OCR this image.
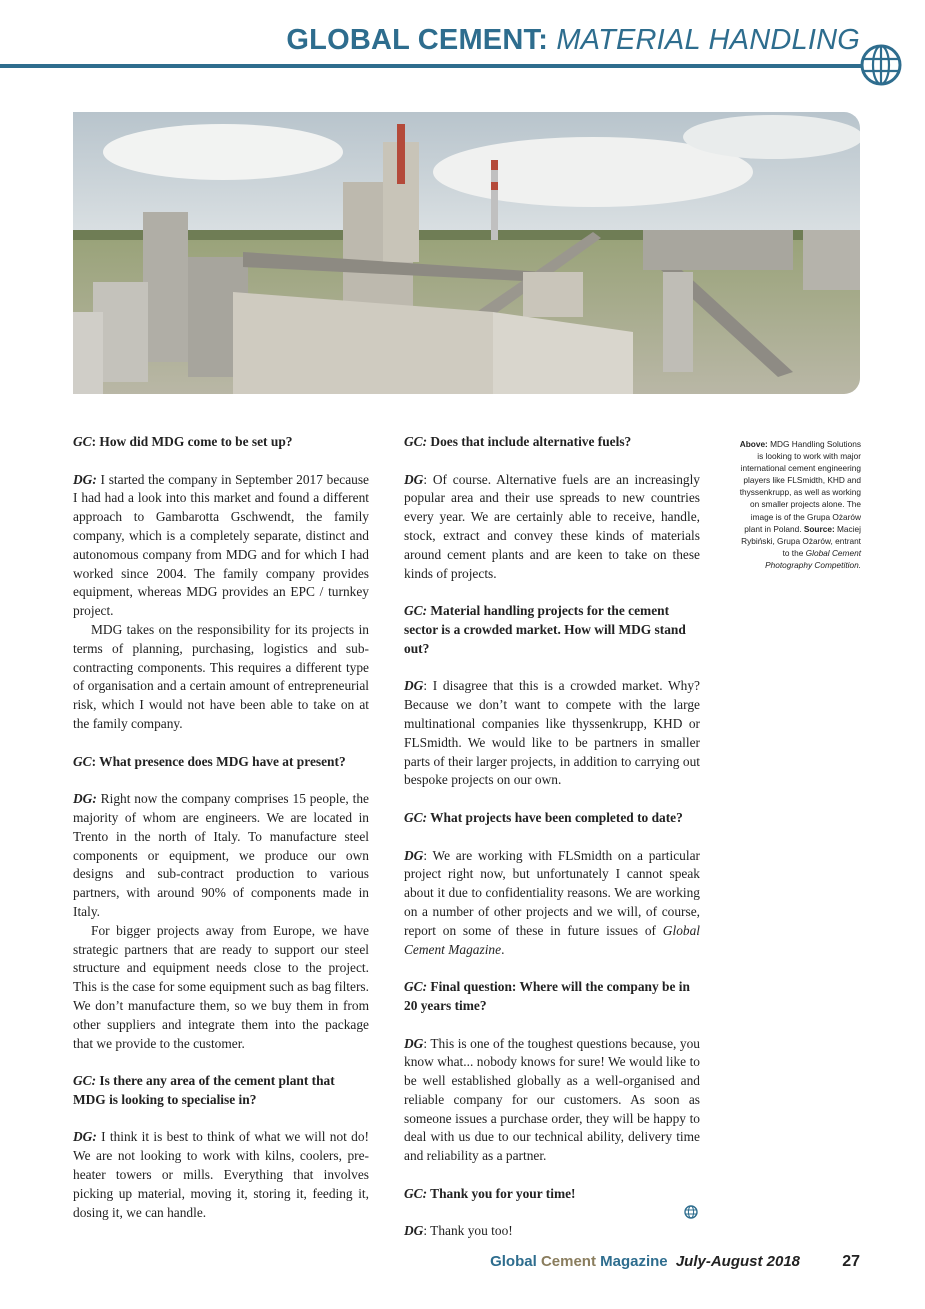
GLOBAL CEMENT: MATERIAL HANDLING

GC: How did MDG come to be set up?

DG: I started the company in September 2017 because I had had a look into this market and found a different approach to Gambarotta Gschwendt, the family company, which is a completely separate, distinct and autonomous company from MDG and for which I had worked since 2004. The family company provides equipment, whereas MDG provides an EPC / turnkey project.

MDG takes on the responsibility for its projects in terms of planning, purchasing, logistics and sub-contracting components. This requires a different type of organisation and a certain amount of entrepreneurial risk, which I would not have been able to take on at the family company.

GC: What presence does MDG have at present?

DG: Right now the company comprises 15 people, the majority of whom are engineers. We are located in Trento in the north of Italy. To manufacture steel components or equipment, we produce our own designs and sub-contract production to various partners, with around 90% of components made in Italy.

For bigger projects away from Europe, we have strategic partners that are ready to support our steel structure and equipment needs close to the project. This is the case for some equipment such as bag filters. We don’t manufacture them, so we buy them in from other suppliers and integrate them into the package that we provide to the customer.

GC: Is there any area of the cement plant that MDG is looking to specialise in?

DG: I think it is best to think of what we will not do! We are not looking to work with kilns, coolers, pre-heater towers or mills. Everything that involves picking up material, moving it, storing it, feeding it, dosing it, we can handle.

GC: Does that include alternative fuels?

DG: Of course. Alternative fuels are an increasingly popular area and their use spreads to new countries every year. We are certainly able to receive, handle, stock, extract and convey these kinds of materials around cement plants and are keen to take on these kinds of projects.

GC: Material handling projects for the cement sector is a crowded market. How will MDG stand out?

DG: I disagree that this is a crowded market. Why? Because we don’t want to compete with the large multinational companies like thyssenkrupp, KHD or FLSmidth. We would like to be partners in smaller parts of their larger projects, in addition to carrying out bespoke projects on our own.

GC: What projects have been completed to date?

DG: We are working with FLSmidth on a particular project right now, but unfortunately I cannot speak about it due to confidentiality reasons. We are working on a number of other projects and we will, of course, report on some of these in future issues of Global Cement Magazine.

GC: Final question: Where will the company be in 20 years time?

DG: This is one of the toughest questions because, you know what... nobody knows for sure! We would like to be well established globally as a well-organised and reliable company for our customers. As soon as someone issues a purchase order, they will be happy to deal with us due to our technical ability, delivery time and reliability as a partner.

GC: Thank you for your time!

DG: Thank you too!

Above: MDG Handling Solutions is looking to work with major international cement engineering players like FLSmidth, KHD and thyssenkrupp, as well as working on smaller projects alone. The image is of the Grupa Ożarów plant in Poland. Source: Maciej Rybiński, Grupa Ożarów, entrant to the Global Cement Photography Competition.
Global Cement Magazine July-August 2018	27
